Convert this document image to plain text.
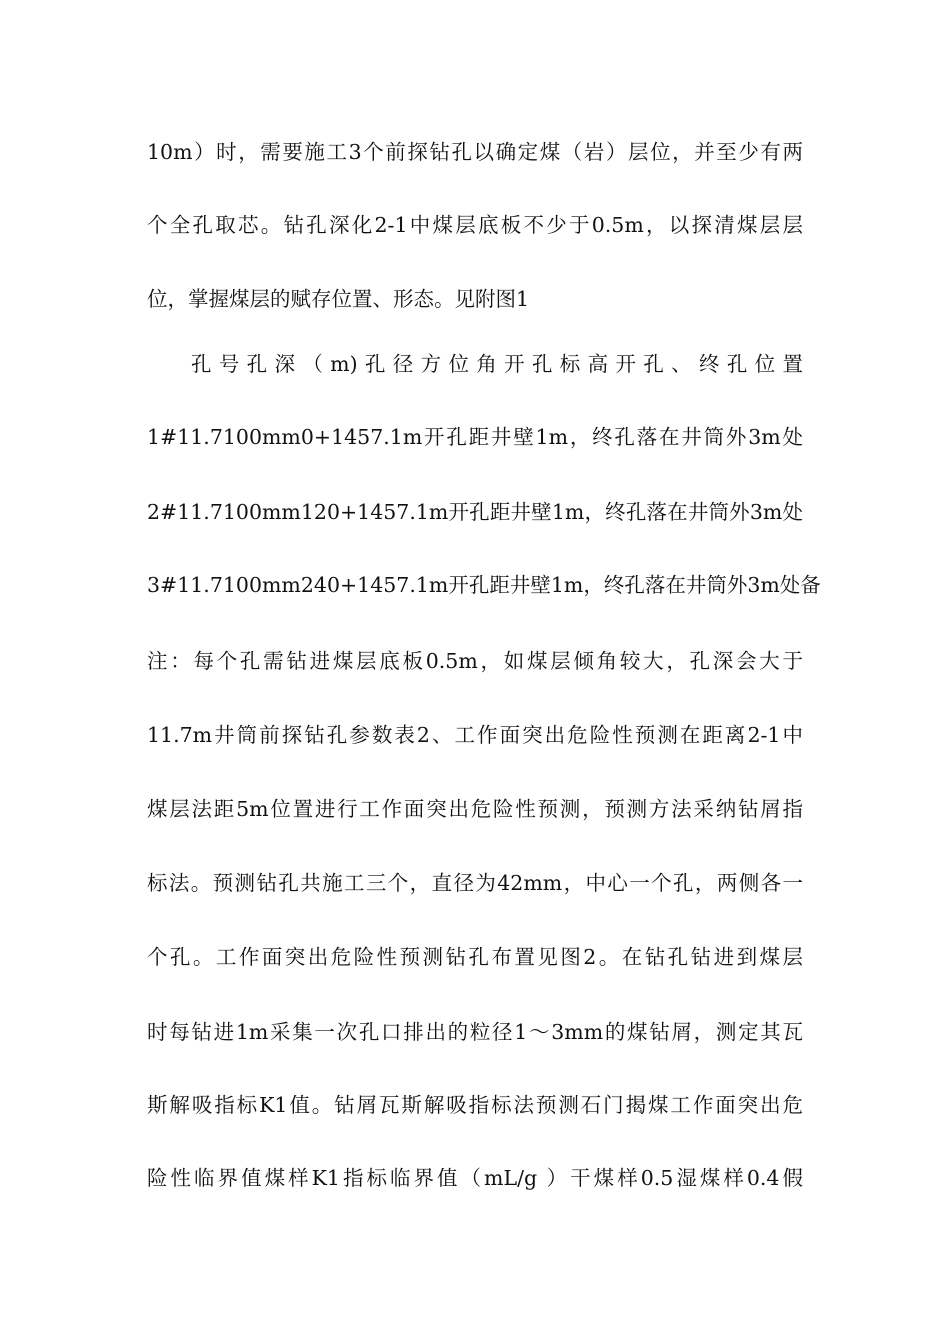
10m）时，需要施工3个前探钻孔以确定煤（岩）层位，并至少有两
个全孔取芯。钻孔深化2-1中煤层底板不少于0.5m，以探清煤层层
位，掌握煤层的赋存位置、形态。见附图1
孔号孔深（m)孔径方位角开孔标高开孔、终孔位置
1#11.7100mm0+1457.1m开孔距井壁1m，终孔落在井筒外3m处
2#11.7100mm120+1457.1m开孔距井壁1m，终孔落在井筒外3m处
3#11.7100mm240+1457.1m开孔距井壁1m，终孔落在井筒外3m处备
注：每个孔需钻进煤层底板0.5m，如煤层倾角较大，孔深会大于
11.7m井筒前探钻孔参数表2、工作面突出危险性预测在距离2-1中
煤层法距5m位置进行工作面突出危险性预测，预测方法采纳钻屑指
标法。预测钻孔共施工三个，直径为42mm，中心一个孔，两侧各一
个孔。工作面突出危险性预测钻孔布置见图2。在钻孔钻进到煤层
时每钻进1m采集一次孔口排出的粒径1～3mm的煤钻屑，测定其瓦
斯解吸指标K1值。钻屑瓦斯解吸指标法预测石门揭煤工作面突出危
险性临界值煤样K1指标临界值（mL/g ）干煤样0.5湿煤样0.4假
